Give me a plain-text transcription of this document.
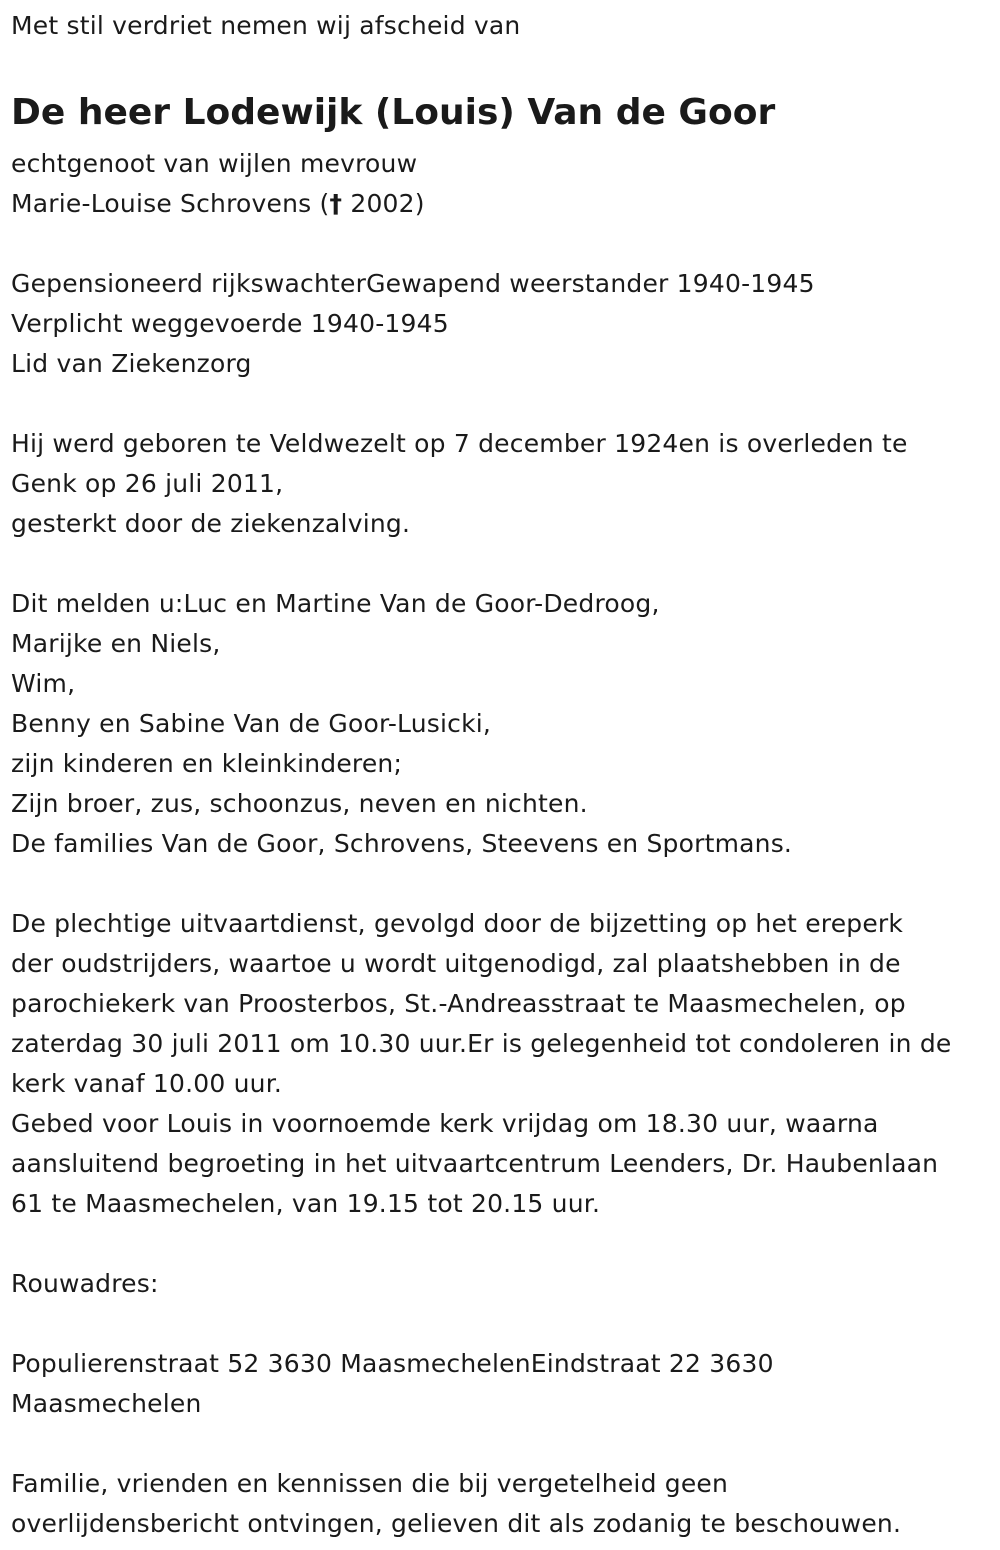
Met stil verdriet nemen wij afscheid van

De heer Lodewijk (Louis) Van de Goor

echtgenoot van wijlen mevrouw

Marie-Louise Schrovens († 2002)

Gepensioneerd rijkswachterGewapend weerstander 1940-1945

Verplicht weggevoerde 1940-1945

Lid van Ziekenzorg

Hij werd geboren te Veldwezelt op 7 december 1924en is overleden te

Genk op 26 juli 2011,

gesterkt door de ziekenzalving.

Dit melden u:Luc en Martine Van de Goor-Dedroog,

Marijke en Niels,

Wim,

Benny en Sabine Van de Goor-Lusicki,

zijn kinderen en kleinkinderen;

Zijn broer, zus, schoonzus, neven en nichten.

De families Van de Goor, Schrovens, Steevens en Sportmans.

De plechtige uitvaartdienst, gevolgd door de bijzetting op het ereperk

der oudstrijders, waartoe u wordt uitgenodigd, zal plaatshebben in de

parochiekerk van Proosterbos, St.-Andreasstraat te Maasmechelen, op

zaterdag 30 juli 2011 om 10.30 uur.Er is gelegenheid tot condoleren in de

kerk vanaf 10.00 uur.

Gebed voor Louis in voornoemde kerk vrijdag om 18.30 uur, waarna

aansluitend begroeting in het uitvaartcentrum Leenders, Dr. Haubenlaan

61 te Maasmechelen, van 19.15 tot 20.15 uur.

Rouwadres:

Populierenstraat 52 3630 MaasmechelenEindstraat 22 3630

Maasmechelen

Familie, vrienden en kennissen die bij vergetelheid geen

overlijdensbericht ontvingen, gelieven dit als zodanig te beschouwen.
